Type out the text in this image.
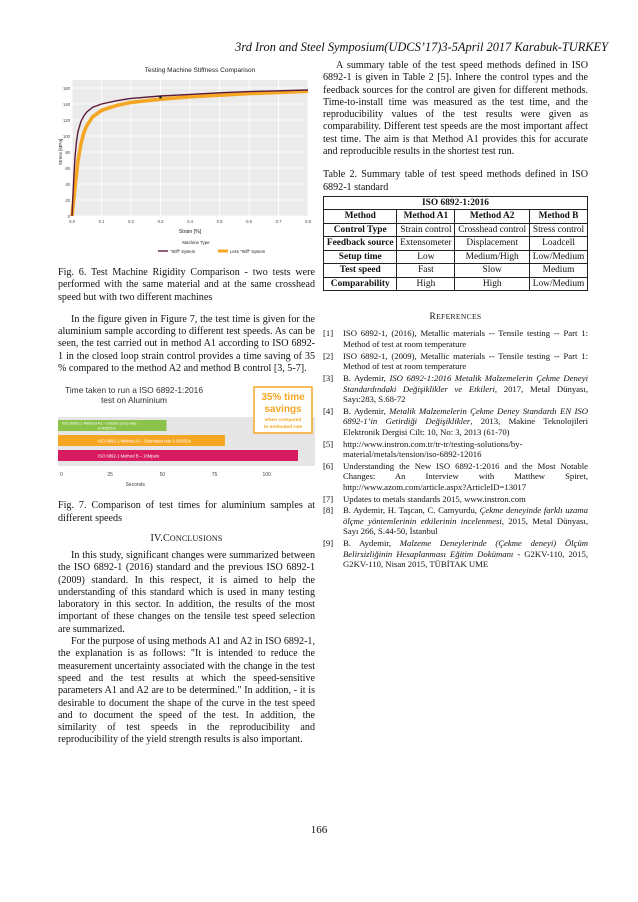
3rd Iron and Steel Symposium(UDCS’17)3-5April 2017 Karabuk-TURKEY
Testing Machine Stiffness Comparison
0
20
40
60
80
100
120
140
160
0.0	0.1	0.2	0.3	0.4	0.5	0.6	0.7	0.8
Strain [%]
Stress [MPa]
Machine Type
"Stiff" System	Less "Stiff" System

Fig. 6. Test Machine Rigidity Comparison - two tests were performed with the same material and at the same crosshead speed but with two different machines

In the figure given in Figure 7, the test time is given for the aluminium sample according to different test speeds. As can be seen, the test carried out in method A1 according to ISO 6892-1 in the closed loop strain control provides a time saving of 35 % compared to the method A2 and method B control [3, 5-7].

Time taken to run a ISO 6892-1:2016
test on Aluminium
ISO 6892-1 Method A1 - Closed Loop rate
0.00025/s
ISO 6892-1 Method A2 - Estimated rate 0.00025/s
ISO 6892-1 Method B – 10Mpa/s
35% time
savings
when compared
to estimated rate
0	25	50	75	100
Seconds

Fig. 7. Comparison of test times for aluminium samples at different speeds

IV.CONCLUSIONS

In this study, significant changes were summarized between the ISO 6892-1 (2016) standard and the previous ISO 6892-1 (2009) standard. In this respect, it is aimed to help the understanding of this standard which is used in many testing laboratory in this sector. In addition, the results of the most important of these changes on the tensile test speed selection are summarized.

For the purpose of using methods A1 and A2 in ISO 6892-1, the explanation is as follows: "It is intended to reduce the measurement uncertainty associated with the change in the test speed and the test results at which the speed-sensitive parameters A1 and A2 are to be determined." In addition, - it is desirable to document the shape of the curve in the test speed and to document the speed of the test. In addition, the similarity of test speeds in the reproducibility and reproducibility of the yield strength results is also important.

A summary table of the test speed methods defined in ISO 6892-1 is given in Table 2 [5]. Inhere the control types and the feedback sources for the control are given for different methods. Time-to-install time was measured as the test time, and the reproducibility values of the test results were given as comparability. Different test speeds are the most important affect test time. The aim is that Method A1 provides this for accurate and reproducible results in the shortest test run.

Table 2. Summary table of test speed methods defined in ISO 6892-1 standard

ISO 6892-1:2016			
Method	Method A1	Method A2	Method B
Control Type	Strain control	Crosshead control	Stress control
Feedback source	Extensometer	Displacement	Loadcell
Setup time	Low	Medium/High	Low/Medium
Test speed	Fast	Slow	Medium
Comparability	High	High	Low/Medium
REFERENCES
[1]	ISO 6892-1, (2016), Metallic materials -- Tensile testing -- Part 1: Method of test at room temperature
[2]	ISO 6892-1, (2009), Metallic materials -- Tensile testing -- Part 1: Method of test at room temperature
[3]	B. Aydemir, ISO 6892-1:2016 Metalik Malzemelerin Çekme Deneyi Standardındaki Değişiklikler ve Etkileri, 2017, Metal Dünyası, Sayı:283, S.68-72
[4]	B. Aydemir, Metalik Malzemelerin Çekme Deney Standardı EN ISO 6892-1’in Getirdiği Değişiklikler, 2013, Makine Teknolojileri Elektronik Dergisi Cilt: 10, No: 3, 2013 (61-70)
[5]	http://www.instron.com.tr/tr-tr/testing-solutions/by-material/metals/tension/iso-6892-12016
[6]	Understanding the New ISO 6892-1:2016 and the Most Notable Changes: An Interview with Matthew Spiret, http://www.azom.com/article.aspx?ArticleID=13017
[7]	Updates to metals standards 2015, www.instron.com
[8]	B. Aydemir, H. Taşcan, C. Camyurdu, Çekme deneyinde farklı uzama ölçme yöntemlerinin etkilerinin incelenmesi, 2015, Metal Dünyası, Sayı 266, S.44-50, İstanbul
[9]	B. Aydemir, Malzeme Deneylerinde (Çekme deneyi) Ölçüm Belirsizliğinin Hesaplanması Eğitim Dokümanı - G2KV-110, 2015, G2KV-110, Nisan 2015, TÜBİTAK UME
166
